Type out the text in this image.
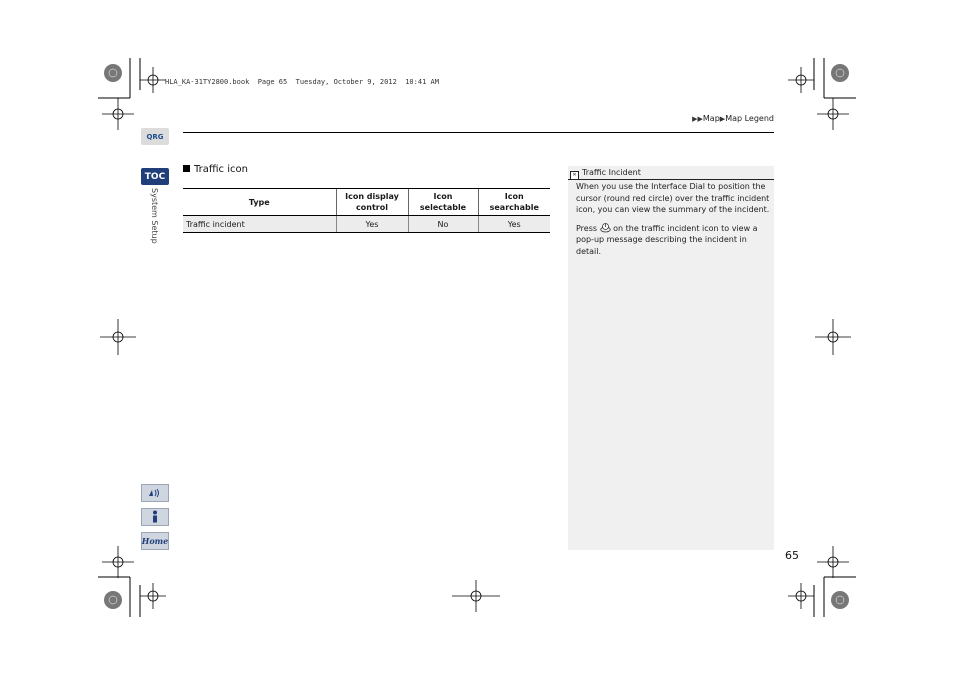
HLA_KA-31TY2800.book  Page 65  Tuesday, October 9, 2012  10:41 AM
▶▶Map▶Map Legend
QRG
TOC
System Setup
Home
Traffic icon
Type	Icon display control	Icon selectable	Icon searchable
Traffic incident	Yes	No	Yes
✕ Traffic Incident

When you use the Interface Dial to position the cursor (round red circle) over the traffic incident icon, you can view the summary of the incident.

Press on the traffic incident icon to view a pop-up message describing the incident in detail.

65
